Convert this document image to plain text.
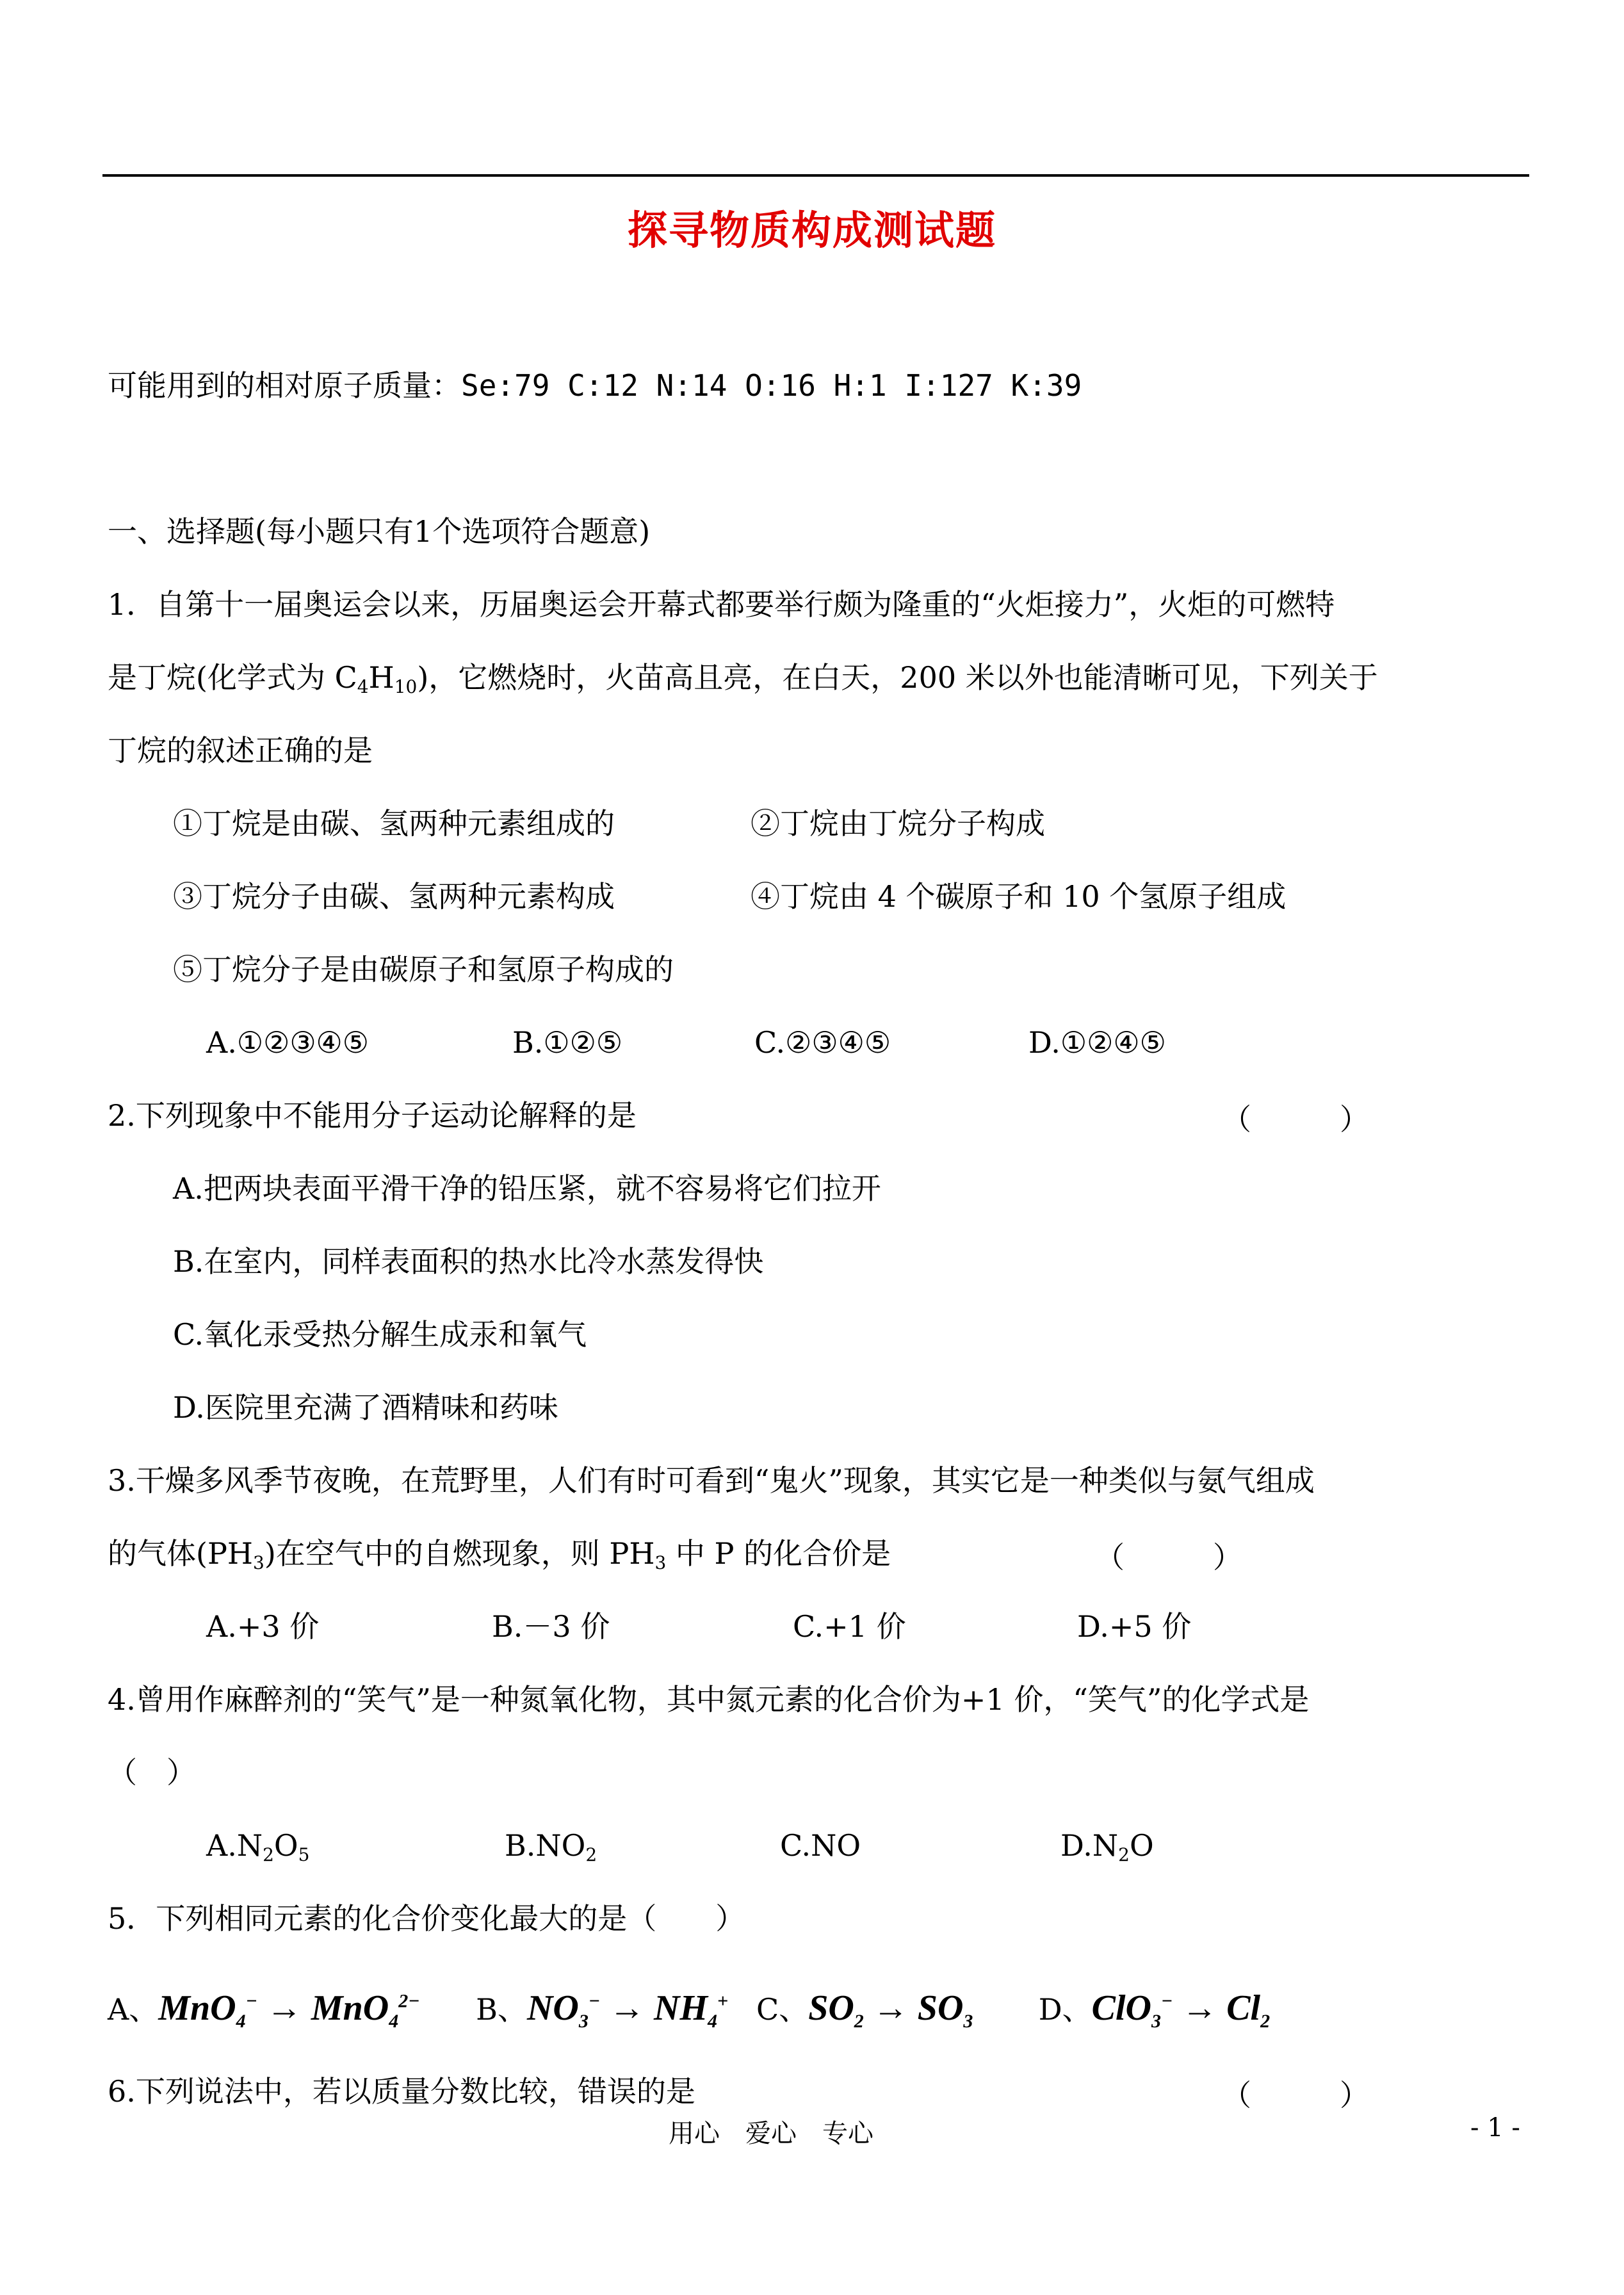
探寻物质构成测试题
可能用到的相对原子质量：Se:79 C:12 N:14 O:16 H:1 I:127 K:39
一、选择题(每小题只有1个选项符合题意)
1．自第十一届奥运会以来，历届奥运会开幕式都要举行颇为隆重的“火炬接力”，火炬的可燃特
是丁烷(化学式为 C4H10)，它燃烧时，火苗高且亮，在白天，200 米以外也能清晰可见，下列关于
丁烷的叙述正确的是
①丁烷是由碳、氢两种元素组成的	②丁烷由丁烷分子构成
③丁烷分子由碳、氢两种元素构成	④丁烷由 4 个碳原子和 10 个氢原子组成
⑤丁烷分子是由碳原子和氢原子构成的
A.①②③④⑤	B.①②⑤	C.②③④⑤	D.①②④⑤
2.下列现象中不能用分子运动论解释的是	（　　　）
A.把两块表面平滑干净的铅压紧，就不容易将它们拉开
B.在室内，同样表面积的热水比冷水蒸发得快
C.氧化汞受热分解生成汞和氧气
D.医院里充满了酒精味和药味
3.干燥多风季节夜晚，在荒野里，人们有时可看到“鬼火”现象，其实它是一种类似与氨气组成
的气体(PH3)在空气中的自燃现象，则 PH3 中 P 的化合价是	（　　　）
A.+3 价	B.－3 价	C.+1 价	D.+5 价
4.曾用作麻醉剂的“笑气”是一种氮氧化物，其中氮元素的化合价为+1 价，“笑气”的化学式是
（　）
A.N2O5	B.NO2	C.NO	D.N2O
5．下列相同元素的化合价变化最大的是（　　）
A、MnO$_4$− → MnO$_4^{2-}$ B、$NO_3^- \to NH_4^+$ C、$SO_2 \to SO_3$ D、$ClO_3^- \to Cl_2$
6.下列说法中，若以质量分数比较，错误的是	（　　　）
用心　爱心　专心	- 1 -
